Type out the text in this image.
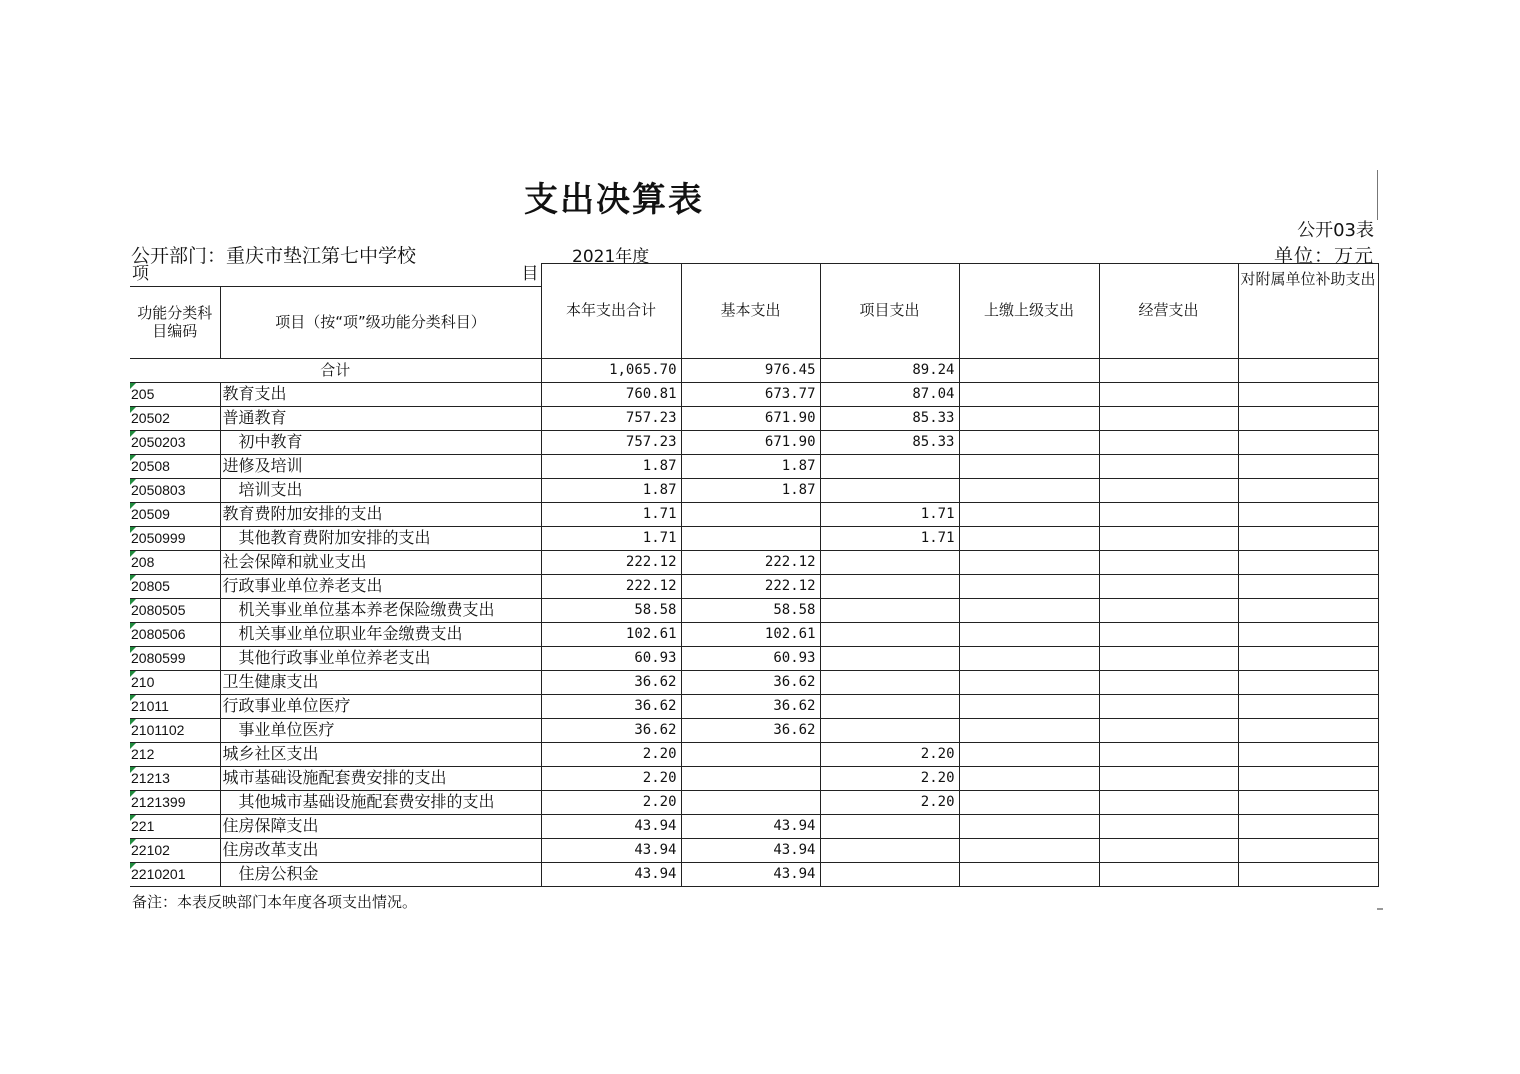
支出决算表
公开03表
公开部门：重庆市垫江第七中学校	2021年度	单位：万元
项 目		本年支出合计	基本支出	项目支出	上缴上级支出	经营支出	对附属单位补助支出
功能分类科目编码	项目（按“项”级功能分类科目）						
合计		1,065.70	976.45	89.24			
205	教育支出	760.81	673.77	87.04			
20502	普通教育	757.23	671.90	85.33			
2050203	初中教育	757.23	671.90	85.33			
20508	进修及培训	1.87	1.87				
2050803	培训支出	1.87	1.87				
20509	教育费附加安排的支出	1.71		1.71			
2050999	其他教育费附加安排的支出	1.71		1.71			
208	社会保障和就业支出	222.12	222.12				
20805	行政事业单位养老支出	222.12	222.12				
2080505	机关事业单位基本养老保险缴费支出	58.58	58.58				
2080506	机关事业单位职业年金缴费支出	102.61	102.61				
2080599	其他行政事业单位养老支出	60.93	60.93				
210	卫生健康支出	36.62	36.62				
21011	行政事业单位医疗	36.62	36.62				
2101102	事业单位医疗	36.62	36.62				
212	城乡社区支出	2.20		2.20			
21213	城市基础设施配套费安排的支出	2.20		2.20			
2121399	其他城市基础设施配套费安排的支出	2.20		2.20			
221	住房保障支出	43.94	43.94				
22102	住房改革支出	43.94	43.94				
2210201	住房公积金	43.94	43.94				
备注：本表反映部门本年度各项支出情况。
